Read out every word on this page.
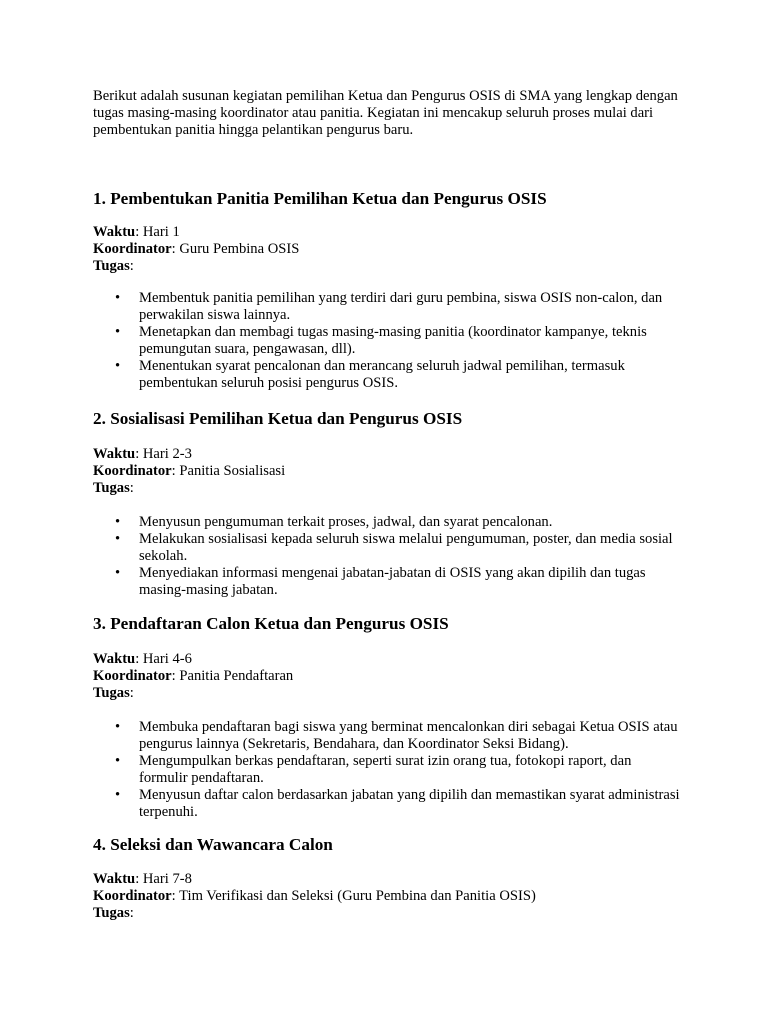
Berikut adalah susunan kegiatan pemilihan Ketua dan Pengurus OSIS di SMA yang lengkap dengan tugas masing-masing koordinator atau panitia. Kegiatan ini mencakup seluruh proses mulai dari pembentukan panitia hingga pelantikan pengurus baru.

1. Pembentukan Panitia Pemilihan Ketua dan Pengurus OSIS

Waktu: Hari 1

Koordinator: Guru Pembina OSIS

Tugas:

• Membentuk panitia pemilihan yang terdiri dari guru pembina, siswa OSIS non-calon, dan perwakilan siswa lainnya.
• Menetapkan dan membagi tugas masing-masing panitia (koordinator kampanye, teknis pemungutan suara, pengawasan, dll).
• Menentukan syarat pencalonan dan merancang seluruh jadwal pemilihan, termasuk pembentukan seluruh posisi pengurus OSIS.
2. Sosialisasi Pemilihan Ketua dan Pengurus OSIS

Waktu: Hari 2-3

Koordinator: Panitia Sosialisasi

Tugas:

• Menyusun pengumuman terkait proses, jadwal, dan syarat pencalonan.
• Melakukan sosialisasi kepada seluruh siswa melalui pengumuman, poster, dan media sosial sekolah.
• Menyediakan informasi mengenai jabatan-jabatan di OSIS yang akan dipilih dan tugas masing-masing jabatan.
3. Pendaftaran Calon Ketua dan Pengurus OSIS

Waktu: Hari 4-6

Koordinator: Panitia Pendaftaran

Tugas:

• Membuka pendaftaran bagi siswa yang berminat mencalonkan diri sebagai Ketua OSIS atau pengurus lainnya (Sekretaris, Bendahara, dan Koordinator Seksi Bidang).
• Mengumpulkan berkas pendaftaran, seperti surat izin orang tua, fotokopi raport, dan formulir pendaftaran.
• Menyusun daftar calon berdasarkan jabatan yang dipilih dan memastikan syarat administrasi terpenuhi.
4. Seleksi dan Wawancara Calon

Waktu: Hari 7-8

Koordinator: Tim Verifikasi dan Seleksi (Guru Pembina dan Panitia OSIS)

Tugas:
